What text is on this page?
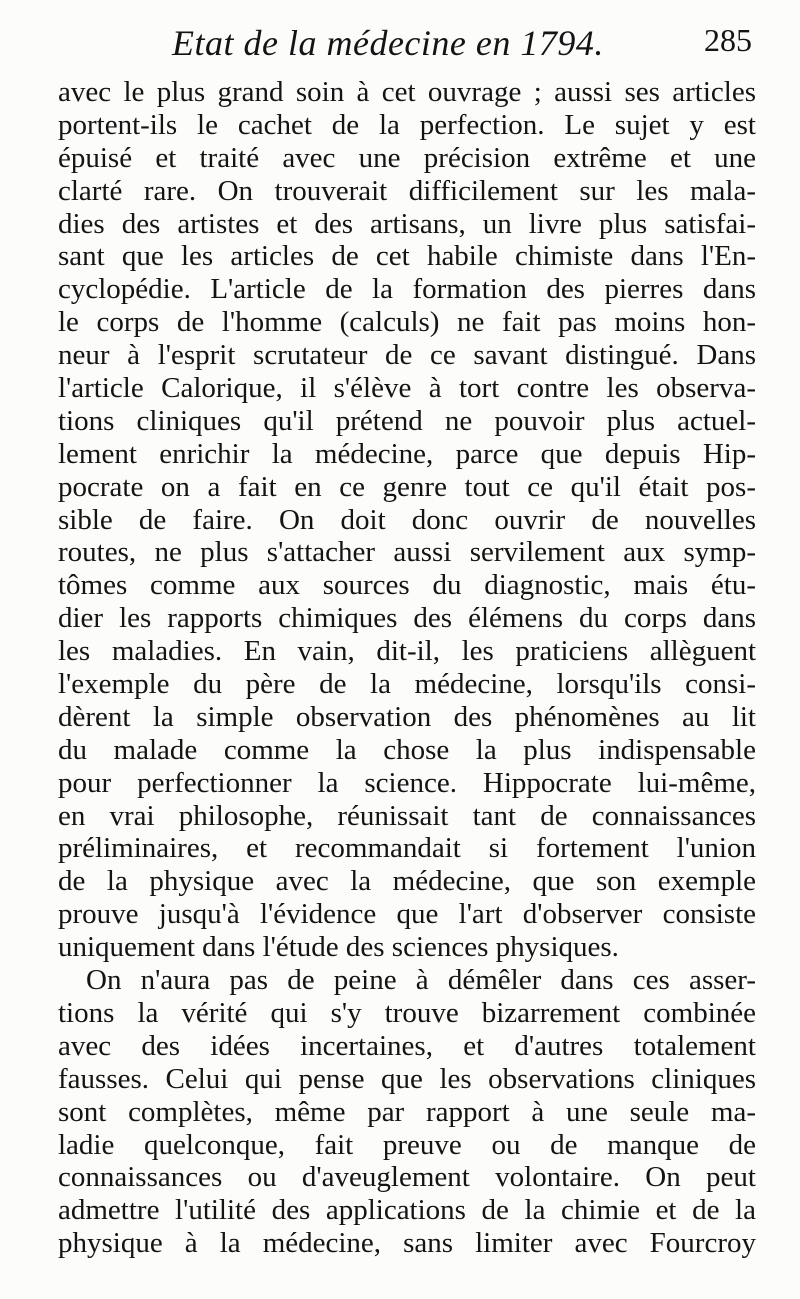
Etat de la médecine en 1794.	285
avec le plus grand soin à cet ouvrage ; aussi ses articles
portent-ils le cachet de la perfection. Le sujet y est
épuisé et traité avec une précision extrême et une
clarté rare. On trouverait difficilement sur les mala-
dies des artistes et des artisans, un livre plus satisfai-
sant que les articles de cet habile chimiste dans l'En-
cyclopédie. L'article de la formation des pierres dans
le corps de l'homme (calculs) ne fait pas moins hon-
neur à l'esprit scrutateur de ce savant distingué. Dans
l'article Calorique, il s'élève à tort contre les observa-
tions cliniques qu'il prétend ne pouvoir plus actuel-
lement enrichir la médecine, parce que depuis Hip-
pocrate on a fait en ce genre tout ce qu'il était pos-
sible de faire. On doit donc ouvrir de nouvelles
routes, ne plus s'attacher aussi servilement aux symp-
tômes comme aux sources du diagnostic, mais étu-
dier les rapports chimiques des élémens du corps dans
les maladies. En vain, dit-il, les praticiens allèguent
l'exemple du père de la médecine, lorsqu'ils consi-
dèrent la simple observation des phénomènes au lit
du malade comme la chose la plus indispensable
pour perfectionner la science. Hippocrate lui-même,
en vrai philosophe, réunissait tant de connaissances
préliminaires, et recommandait si fortement l'union
de la physique avec la médecine, que son exemple
prouve jusqu'à l'évidence que l'art d'observer consiste
uniquement dans l'étude des sciences physiques.
On n'aura pas de peine à démêler dans ces asser-
tions la vérité qui s'y trouve bizarrement combinée
avec des idées incertaines, et d'autres totalement
fausses. Celui qui pense que les observations cliniques
sont complètes, même par rapport à une seule ma-
ladie quelconque, fait preuve ou de manque de
connaissances ou d'aveuglement volontaire. On peut
admettre l'utilité des applications de la chimie et de la
physique à la médecine, sans limiter avec Fourcroy
